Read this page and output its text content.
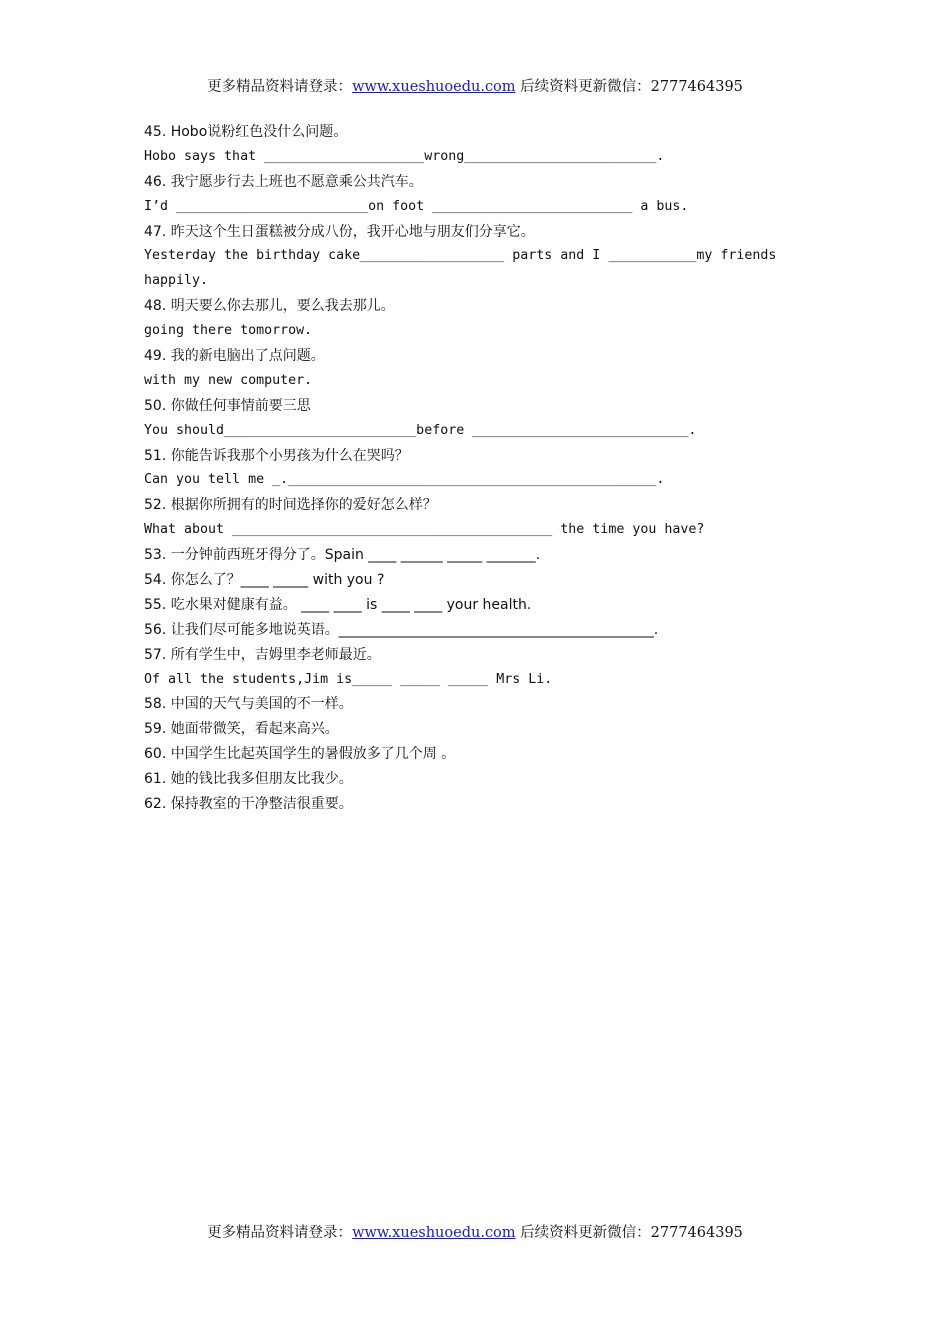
更多精品资料请登录：www.xueshuoedu.com 后续资料更新微信：2777464395
45. Hobo说粉红色没什么问题。
Hobo says that ____________________wrong________________________.
46. 我宁愿步行去上班也不愿意乘公共汽车。
I’d ________________________on foot _________________________ a bus.
47. 昨天这个生日蛋糕被分成八份，我开心地与朋友们分享它。
Yesterday the birthday cake__________________ parts and I ___________my friends
happily.
48. 明天要么你去那儿，要么我去那儿。
going there tomorrow.
49. 我的新电脑出了点问题。
with my new computer.
50. 你做任何事情前要三思
You should________________________before ___________________________.
51. 你能告诉我那个小男孩为什么在哭吗？
Can you tell me _.______________________________________________.
52. 根据你所拥有的时间选择你的爱好怎么样？
What about ________________________________________ the time you have?
53. 一分钟前西班牙得分了。Spain ____ ______ _____ _______.
54. 你怎么了？____ _____ with you ?
55. 吃水果对健康有益。 ____ ____ is ____ ____ your health.
56. 让我们尽可能多地说英语。_____________________________________________.
57. 所有学生中，吉姆里李老师最近。
Of all the students,Jim is_____ _____ _____ Mrs Li.
58. 中国的天气与美国的不一样。
59. 她面带微笑，看起来高兴。
60. 中国学生比起英国学生的暑假放多了几个周 。
61. 她的钱比我多但朋友比我少。
62. 保持教室的干净整洁很重要。
更多精品资料请登录：www.xueshuoedu.com 后续资料更新微信：2777464395
